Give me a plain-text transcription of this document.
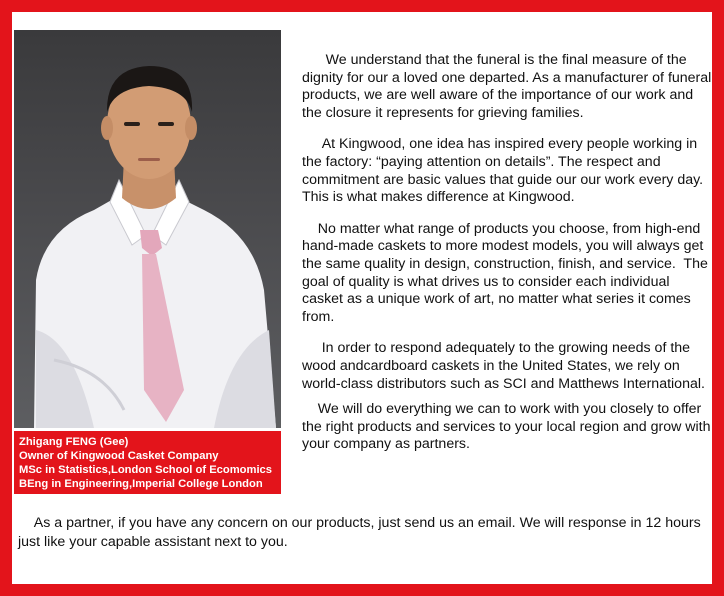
Zhigang FENG (Gee)
Owner of Kingwood Casket Company
MSc in Statistics,London School of Ecomomics
BEng in Engineering,Imperial College London

We understand that the funeral is the final measure of the dignity for our a loved one departed. As a manufacturer of funeral products, we are well aware of the importance of our work and the closure it represents for grieving families.

At Kingwood, one idea has inspired every people working in the factory: “paying attention on details”. The respect and commitment are basic values that guide our our work every day. This is what makes difference at Kingwood.

No matter what range of products you choose, from high-end hand-made caskets to more modest models, you will always get the same quality in design, construction, finish, and service.  The goal of quality is what drives us to consider each individual casket as a unique work of art, no matter what series it comes from.

In order to respond adequately to the growing needs of the wood andcardboard caskets in the United States, we rely on world-class distributors such as SCI and Matthews International.

We will do everything we can to work with you closely to offer the right products and services to your local region and grow with your company as partners.

As a partner, if you have any concern on our products, just send us an email. We will response in 12 hours just like your capable assistant next to you.
